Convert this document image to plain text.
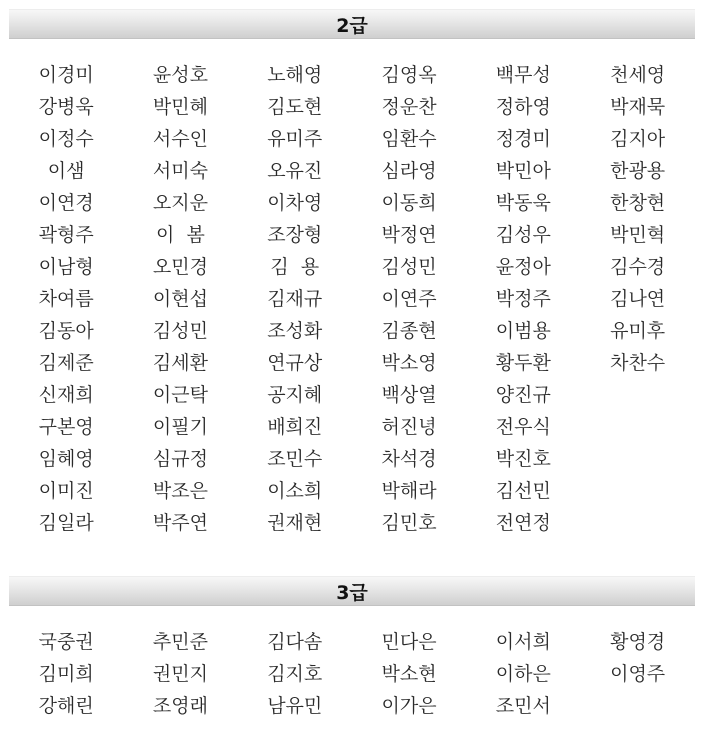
2급
이경미	윤성호	노해영	김영옥	백무성	천세영
강병욱	박민혜	김도현	정운찬	정하영	박재묵
이정수	서수인	유미주	임환수	정경미	김지아
이샘	서미숙	오유진	심라영	박민아	한광용
이연경	오지운	이차영	이동희	박동욱	한창현
곽형주	이  봄	조장형	박정연	김성우	박민혁
이남형	오민경	김  용	김성민	윤정아	김수경
차여름	이현섭	김재규	이연주	박정주	김나연
김동아	김성민	조성화	김종현	이범용	유미후
김제준	김세환	연규상	박소영	황두환	차찬수
신재희	이근탁	공지혜	백상열	양진규
구본영	이필기	배희진	허진녕	전우식
임혜영	심규정	조민수	차석경	박진호
이미진	박조은	이소희	박해라	김선민
김일라	박주연	권재현	김민호	전연정
3급
국중권	추민준	김다솜	민다은	이서희	황영경
김미희	권민지	김지호	박소현	이하은	이영주
강해린	조영래	남유민	이가은	조민서
